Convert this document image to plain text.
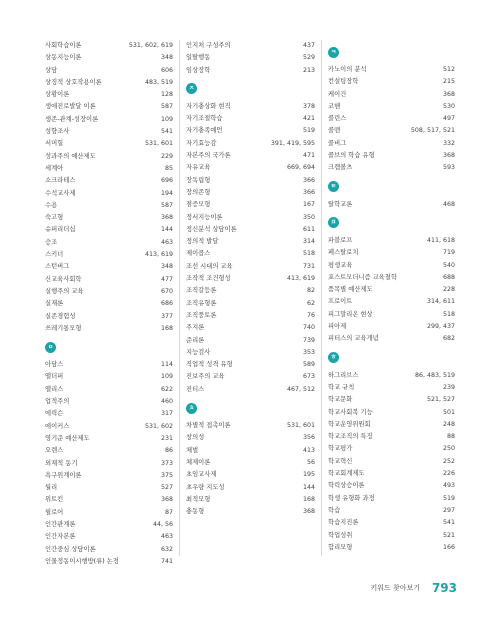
사회학습이론	531, 602, 619
상동지능이론	348
상담	606
상징적 상호작용이론	483, 519
상황이론	128
생애진로발달 이론	587
생존-관계-성장이론	109
성향조사	541
서머힐	531, 601
성과주의 예산제도	229
세계아	85
소크라테스	696
수석교사제	194
수용	587
숙고형	368
슈퍼리더십	144
승조	463
스키너	413, 619
스턴버그	348
신교육사회학	477
실행주의 교육	670
실재론	686
실존경험성	377
쓰레기통모형	168
ㅇ
아담스	114
앨더퍼	109
앨리스	622
업적주의	460
에릭슨	317
에이커스	531, 602
영기준 예산제도	231
오렌스	86
외재적 동기	373
욕구위계이론	375
월리	527
위트킨	368
윌로어	87
인간관계론	44, 56
인간자본론	463
인간중심 상담이론	632
인물정동이시행방(류) 논정	741
인지처 구성주의	437
일탈행동	529
임상장학	213
ㅈ
자기충상화 현직	378
자기조절학습	421
자기충족예언	519
자기효능감	391, 419, 595
자본주의 국가론	471
자유교육	669, 694
장독립형	366
장의존형	366
점증모형	167
정서지능이론	350
정신분석 상담이론	611
정의적 발달	314
제이콥스	518
조선 시대의 교육	731
조작적 조건형성	413, 619
조직갈등론	82
조직유형론	62
조직풍토론	76
주지론	740
준리론	739
지능검사	353
직업적 성격 유형	589
진보주의 교육	673
진티스	467, 512
ㅊ
차별적 접촉이론	531, 601
창의성	356
체벌	413
체제이론	56
초임교사제	195
초우량 지도성	144
최적모형	168
충동형	368
ㅋ
카노이의 분석	512
컨설팅장학	215
케이건	368
코헨	530
콜린스	497
콜맨	508, 517, 521
콜버그	332
콜브의 학습 유형	368
크램볼츠	593
ㅌ
탈학교론	468
ㅍ
파블로프	411, 618
페스탈로치	719
평생교육	540
포스트모더니즘 교육철학	688
품목별 예산제도	228
프로이트	314, 611
피그말리온 현상	518
피아제	299, 437
피터스의 교육개념	682
ㅎ
하그리브스	86, 483, 519
학교 규칙	239
학교문화	521, 527
학교사회복 기능	501
학교운영위원회	248
학교조직의 특징	88
학교평가	250
학교혁신	252
학교회계제도	226
학력상승이론	493
학생 유형화 과정	519
학습	297
학습지진론	541
학업성취	521
합리모형	166
키워드 찾아보기 793
